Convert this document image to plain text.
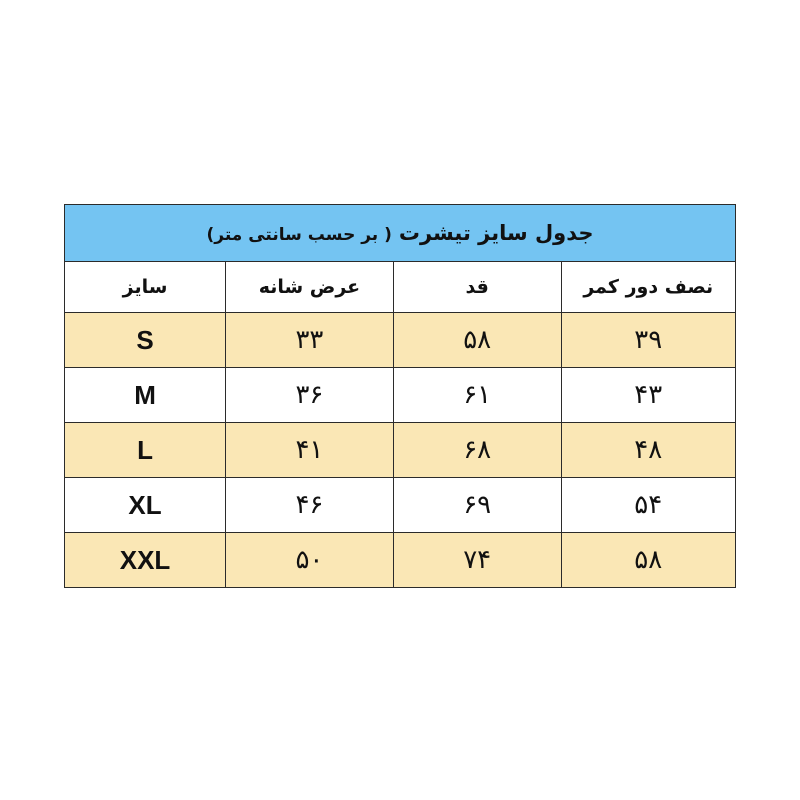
جدول سایز تیشرت ( بر حسب سانتی متر)			
نصف دور کمر	قد	عرض شانه	سایز
۳۹	۵۸	۳۳	S
۴۳	۶۱	۳۶	M
۴۸	۶۸	۴۱	L
۵۴	۶۹	۴۶	XL
۵۸	۷۴	۵۰	XXL
